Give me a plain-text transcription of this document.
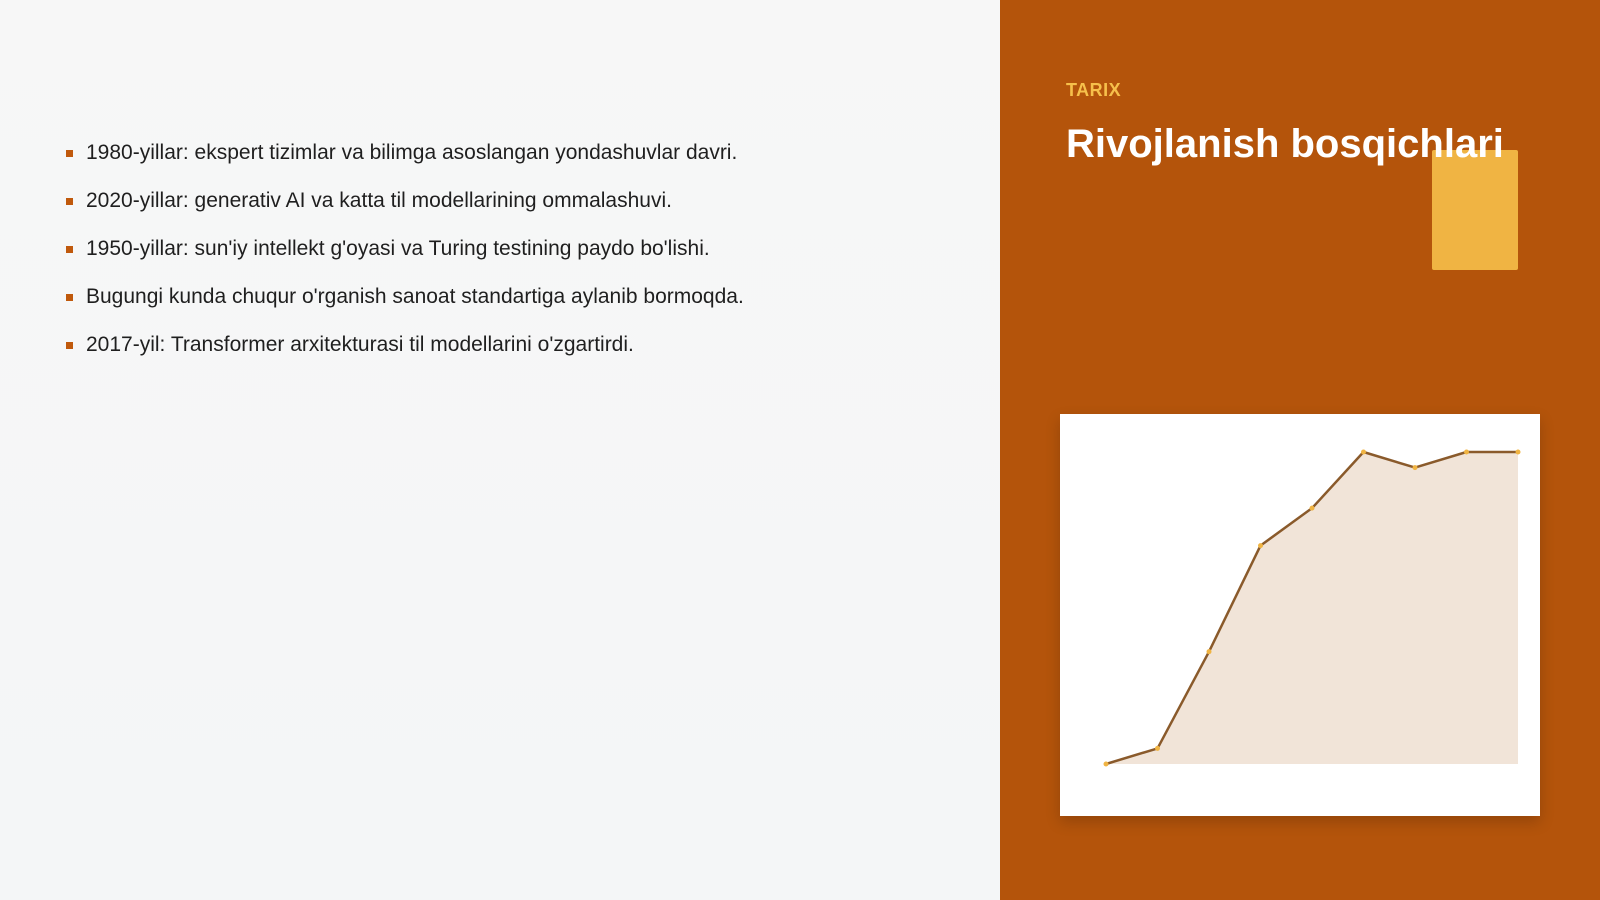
1980-yillar: ekspert tizimlar va bilimga asoslangan yondashuvlar davri.
2020-yillar: generativ AI va katta til modellarining ommalashuvi.
1950-yillar: sun'iy intellekt g'oyasi va Turing testining paydo bo'lishi.
Bugungi kunda chuqur o'rganish sanoat standartiga aylanib bormoqda.
2017-yil: Transformer arxitekturasi til modellarini o'zgartirdi.
TARIX
Rivojlanish bosqichlari
